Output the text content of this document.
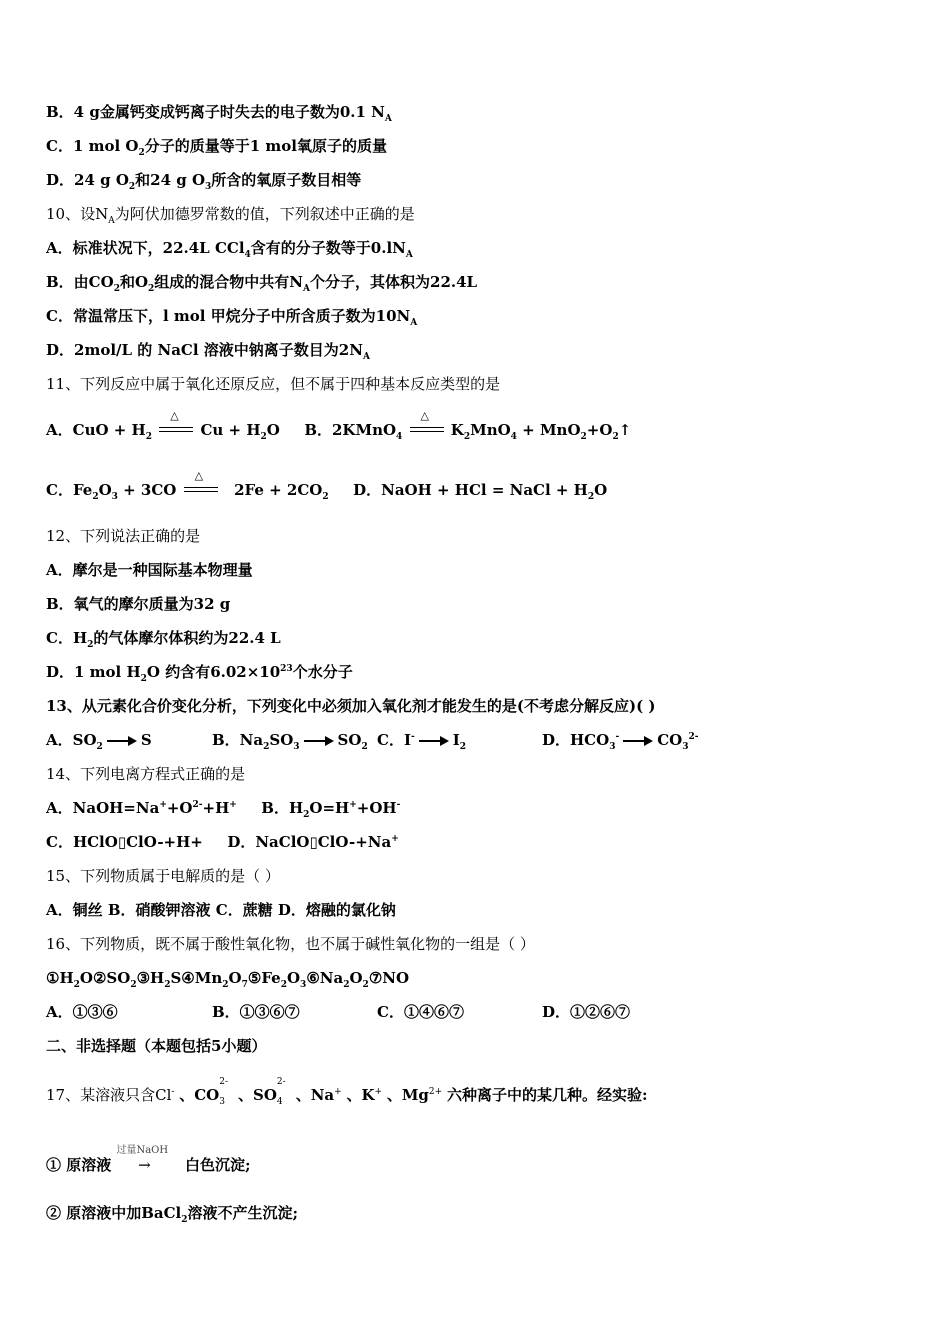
B．4 g金属钙变成钙离子时失去的电子数为0.1 $N_A$
C．1 mol $O_2$分子的质量等于1 mol氧原子的质量
D．24 g $O_2$和24 g $O_3$所含的氧原子数目相等
10、设$N_A$为阿伏加德罗常数的值，下列叙述中正确的是
A．标准状况下，22.4L CCl$_4$含有的分子数等于$0.lN_A$
B．由$CO_2$和$O_2$组成的混合物中共有$N_A$个分子，其体积为22.4L
C．常温常压下，l mol 甲烷分子中所含质子数为$10N_A$
D．2mol/L 的 NaCl 溶液中钠离子数目为$2N_A$
11、下列反应中属于氧化还原反应，但不属于四种基本反应类型的是
A．CuO + $H_2$
△
$Cu + H_2O$ B．2KMnO$_4$
△
$K_2MnO_4$ + $MnO_2+O_2↑$
C．$Fe_2O_3 + 3CO$
△
$2Fe + 2CO_2$ D．NaOH + HCl = NaCl + $H_2O$
12、下列说法正确的是
A．摩尔是一种国际基本物理量
B．氧气的摩尔质量为32 g
C．$H_2$的气体摩尔体积约为22.4 L
D．1 mol $H_2O$ 约含有$6.02\times 10^{23}$个水分子
13、从元素化合价变化分析，下列变化中必须加入氧化剂才能发生的是(不考虑分解反应)( )
A．$SO_2$	S	B．$Na_2SO_3$	$SO_2$ C．I-	$I_2$	D．$HCO_3^-$	$CO_3^{2-}$
14、下列电离方程式正确的是
A．$NaOH=Na^++O^{2-}+H^+$ B．$H_2O=H^++OH^-$
C．HClO▯ClO-+H+ D．NaClO▯ClO-+Na+
15、下列物质属于电解质的是（ ）
A．铜丝 B．硝酸钾溶液 C．蔗糖 D．熔融的氯化钠
16、下列物质，既不属于酸性氧化物，也不属于碱性氧化物的一组是（ ）
$①H_2O②SO_2③H_2S④Mn_2O_7⑤Fe_2O_3⑥Na_2O_2⑦NO$
A．①③⑥	B．①③⑥⑦	C．①④⑥⑦	D．①②⑥⑦
二、非选择题（本题包括5小题）
17、某溶液只含Cl- 、CO
2-
3 、SO
2-
4 、Na+ 、K+ 、$Mg^{2+}$ 六种离子中的某几种。经实验:
① 原溶液
过量NaOH
→ 白色沉淀;
② 原溶液中加BaCl$_2$溶液不产生沉淀;
